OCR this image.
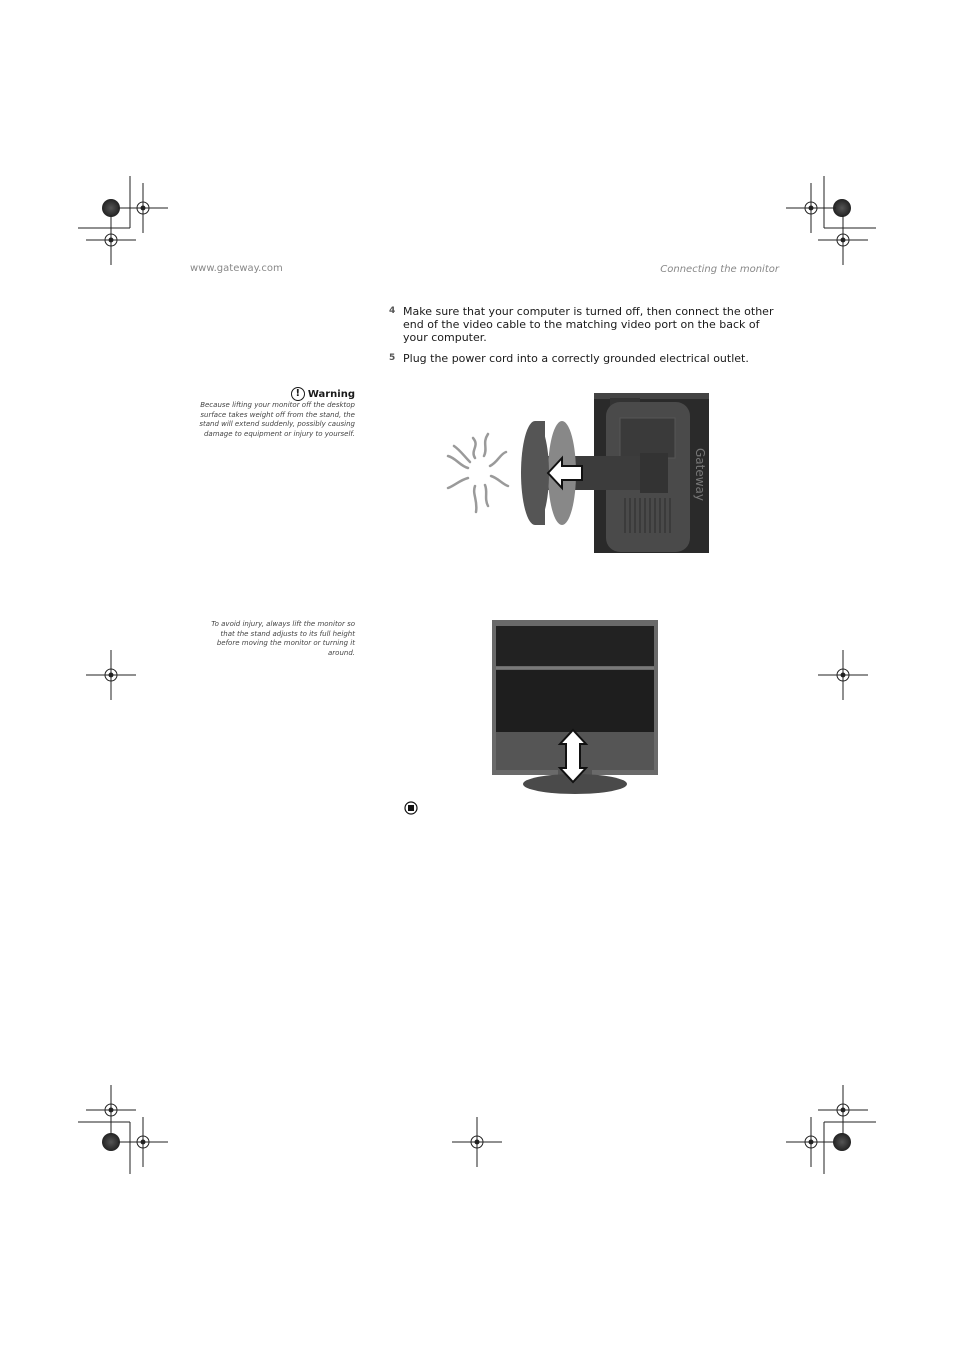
www.gateway.com	Connecting the monitor
4 Make sure that your computer is turned off, then connect the other end of the video cable to the matching video port on the back of your computer.
5 Plug the power cord into a correctly grounded electrical outlet.
! Warning
Because lifting your monitor off the desktop surface takes weight off from the stand, the stand will extend suddenly, possibly causing damage to equipment or injury to yourself.
To avoid injury, always lift the monitor so that the stand adjusts to its full height before moving the monitor or turning it around.
Gateway
